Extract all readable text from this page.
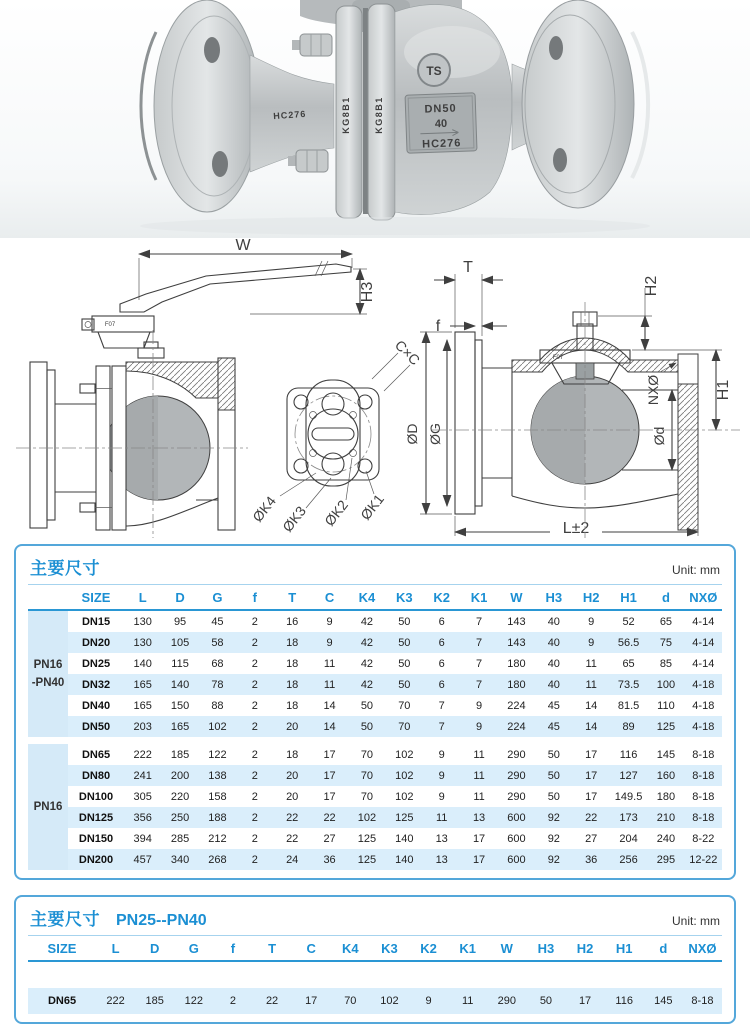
HC276	KG8B1	KG8B1
TS
DN50
40
HC276
W
H3
F07
C×C
ØK4 ØK3 ØK2 ØK1
T
f
ØD ØG
F07
H2
NXØ
Ød
H1
L±2
主要尺寸	Unit: mm
	SIZE	L	D	G	f	T	C	K4	K3	K2	K1	W	H3	H2	H1	d	NXØ
PN16
-PN40	DN15	130	95	45	2	16	9	42	50	6	7	143	40	9	52	65	4-14
	DN20	130	105	58	2	18	9	42	50	6	7	143	40	9	56.5	75	4-14
	DN25	140	115	68	2	18	11	42	50	6	7	180	40	11	65	85	4-14
	DN32	165	140	78	2	18	11	42	50	6	7	180	40	11	73.5	100	4-18
	DN40	165	150	88	2	18	14	50	70	7	9	224	45	14	81.5	110	4-18
	DN50	203	165	102	2	20	14	50	70	7	9	224	45	14	89	125	4-18

PN16	DN65	222	185	122	2	18	17	70	102	9	11	290	50	17	116	145	8-18
	DN80	241	200	138	2	20	17	70	102	9	11	290	50	17	127	160	8-18
	DN100	305	220	158	2	20	17	70	102	9	11	290	50	17	149.5	180	8-18
	DN125	356	250	188	2	22	22	102	125	11	13	600	92	22	173	210	8-18
	DN150	394	285	212	2	22	27	125	140	13	17	600	92	27	204	240	8-22
	DN200	457	340	268	2	24	36	125	140	13	17	600	92	36	256	295	12-22
主要尺寸 PN25--PN40	Unit: mm
SIZE	L	D	G	f	T	C	K4	K3	K2	K1	W	H3	H2	H1	d	NXØ

DN65	222	185	122	2	22	17	70	102	9	11	290	50	17	116	145	8-18
